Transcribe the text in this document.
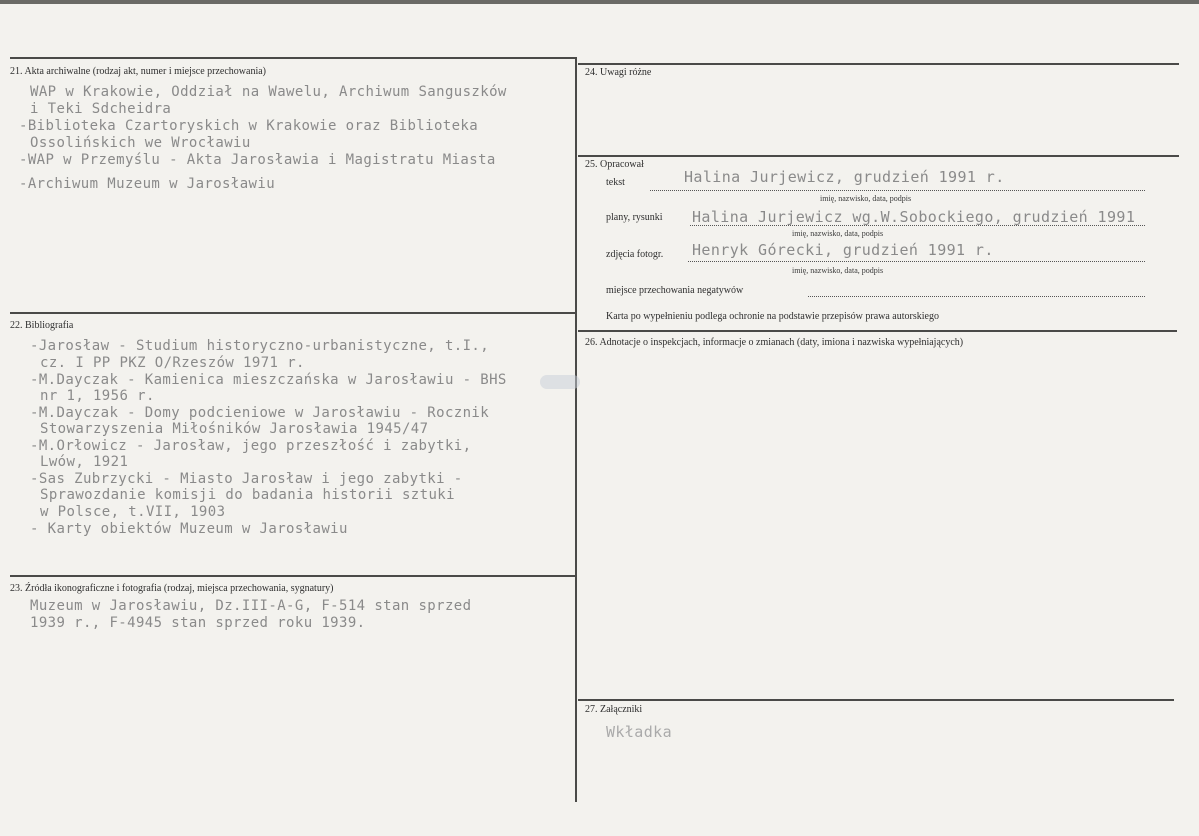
21. Akta archiwalne (rodzaj akt, numer i miejsce przechowania)
WAP w Krakowie, Oddział na Wawelu, Archiwum Sanguszków
i Teki Sdcheidra
-Biblioteka Czartoryskich w Krakowie oraz Biblioteka
Ossolińskich we Wrocławiu
-WAP w Przemyślu - Akta Jarosławia i Magistratu Miasta
-Archiwum Muzeum w Jarosławiu
22. Bibliografia
-Jarosław - Studium historyczno-urbanistyczne, t.I.,
cz. I PP PKZ O/Rzeszów 1971 r.
-M.Dayczak - Kamienica mieszczańska w Jarosławiu - BHS
nr 1, 1956 r.
-M.Dayczak - Domy podcieniowe w Jarosławiu - Rocznik
Stowarzyszenia Miłośników Jarosławia 1945/47
-M.Orłowicz - Jarosław, jego przeszłość i zabytki,
Lwów, 1921
-Sas Zubrzycki - Miasto Jarosław i jego zabytki -
Sprawozdanie komisji do badania historii sztuki
w Polsce, t.VII, 1903
- Karty obiektów Muzeum w Jarosławiu
23. Źródła ikonograficzne i fotografia (rodzaj, miejsca przechowania, sygnatury)
Muzeum w Jarosławiu, Dz.III-A-G, F-514 stan sprzed
1939 r., F-4945 stan sprzed roku 1939.
24. Uwagi różne
25. Opracował
tekst	Halina Jurjewicz, grudzień 1991 r.
imię, nazwisko, data, podpis
plany, rysunki Halina Jurjewicz wg.W.Sobockiego, grudzień 1991
imię, nazwisko, data, podpis
zdjęcia fotogr. Henryk Górecki, grudzień 1991 r.
imię, nazwisko, data, podpis
miejsce przechowania negatywów
Karta po wypełnieniu podlega ochronie na podstawie przepisów prawa autorskiego
26. Adnotacje o inspekcjach, informacje o zmianach (daty, imiona i nazwiska wypełniających)
27. Załączniki
Wkładka
